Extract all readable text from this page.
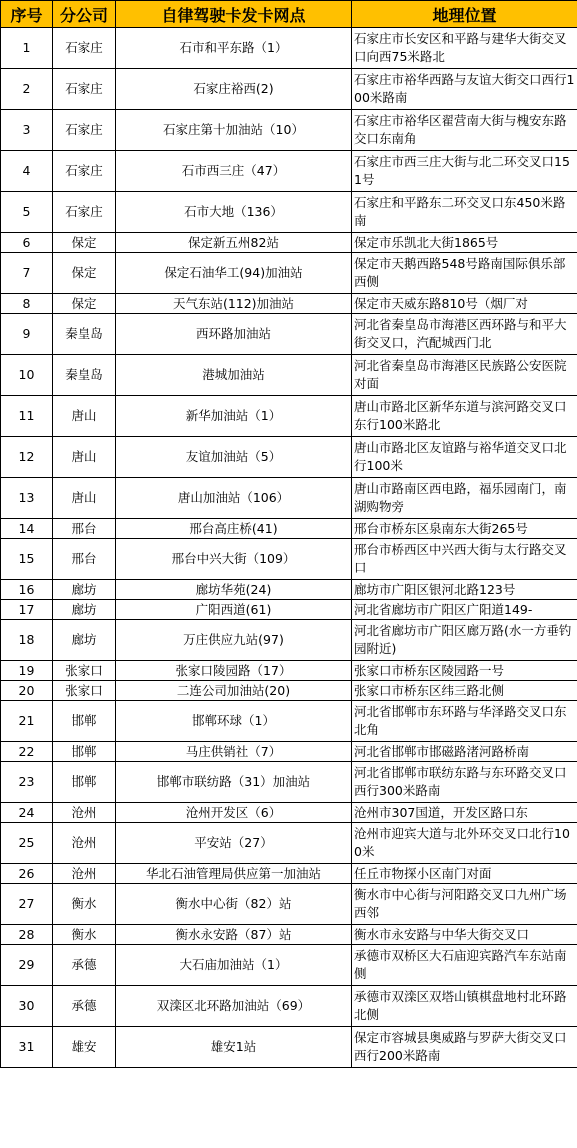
序号	分公司	自律驾驶卡发卡网点	地理位置
1	石家庄	石市和平东路（1）	石家庄市长安区和平路与建华大街交叉口向西75米路北
2	石家庄	石家庄裕西(2)	石家庄市裕华西路与友谊大街交口西行100米路南
3	石家庄	石家庄第十加油站（10）	石家庄市裕华区翟营南大街与槐安东路交口东南角
4	石家庄	石市西三庄（47）	石家庄市西三庄大街与北二环交叉口151号
5	石家庄	石市大地（136）	石家庄和平路东二环交叉口东450米路南
6	保定	保定新五州82站	保定市乐凯北大街1865号
7	保定	保定石油华工(94)加油站	保定市天鹅西路548号路南国际俱乐部西侧
8	保定	天气东站(112)加油站	保定市天威东路810号（烟厂对
9	秦皇岛	西环路加油站	河北省秦皇岛市海港区西环路与和平大街交叉口，汽配城西门北
10	秦皇岛	港城加油站	河北省秦皇岛市海港区民族路公安医院对面
11	唐山	新华加油站（1）	唐山市路北区新华东道与滨河路交叉口东行100米路北
12	唐山	友谊加油站（5）	唐山市路北区友谊路与裕华道交叉口北行100米
13	唐山	唐山加油站（106）	唐山市路南区西电路，福乐园南门，南湖购物旁
14	邢台	邢台高庄桥(41)	邢台市桥东区泉南东大街265号
15	邢台	邢台中兴大街（109）	邢台市桥西区中兴西大街与太行路交叉口
16	廊坊	廊坊华苑(24)	廊坊市广阳区银河北路123号
17	廊坊	广阳西道(61)	河北省廊坊市广阳区广阳道149-
18	廊坊	万庄供应九站(97)	河北省廊坊市广阳区廊万路(水一方垂钓园附近)
19	张家口	张家口陵园路（17）	张家口市桥东区陵园路一号
20	张家口	二连公司加油站(20)	张家口市桥东区纬三路北侧
21	邯郸	邯郸环球（1）	河北省邯郸市东环路与华泽路交叉口东北角
22	邯郸	马庄供销社（7）	河北省邯郸市邯磁路渚河路桥南
23	邯郸	邯郸市联纺路（31）加油站	河北省邯郸市联纺东路与东环路交叉口西行300米路南
24	沧州	沧州开发区（6）	沧州市307国道，开发区路口东
25	沧州	平安站（27）	沧州市迎宾大道与北外环交叉口北行100米
26	沧州	华北石油管理局供应第一加油站	任丘市物探小区南门对面
27	衡水	衡水中心街（82）站	衡水市中心街与河阳路交叉口九州广场西邻
28	衡水	衡水永安路（87）站	衡水市永安路与中华大街交叉口
29	承德	大石庙加油站（1）	承德市双桥区大石庙迎宾路汽车东站南侧
30	承德	双滦区北环路加油站（69）	承德市双滦区双塔山镇棋盘地村北环路北侧
31	雄安	雄安1站	保定市容城县奥威路与罗萨大街交叉口西行200米路南
